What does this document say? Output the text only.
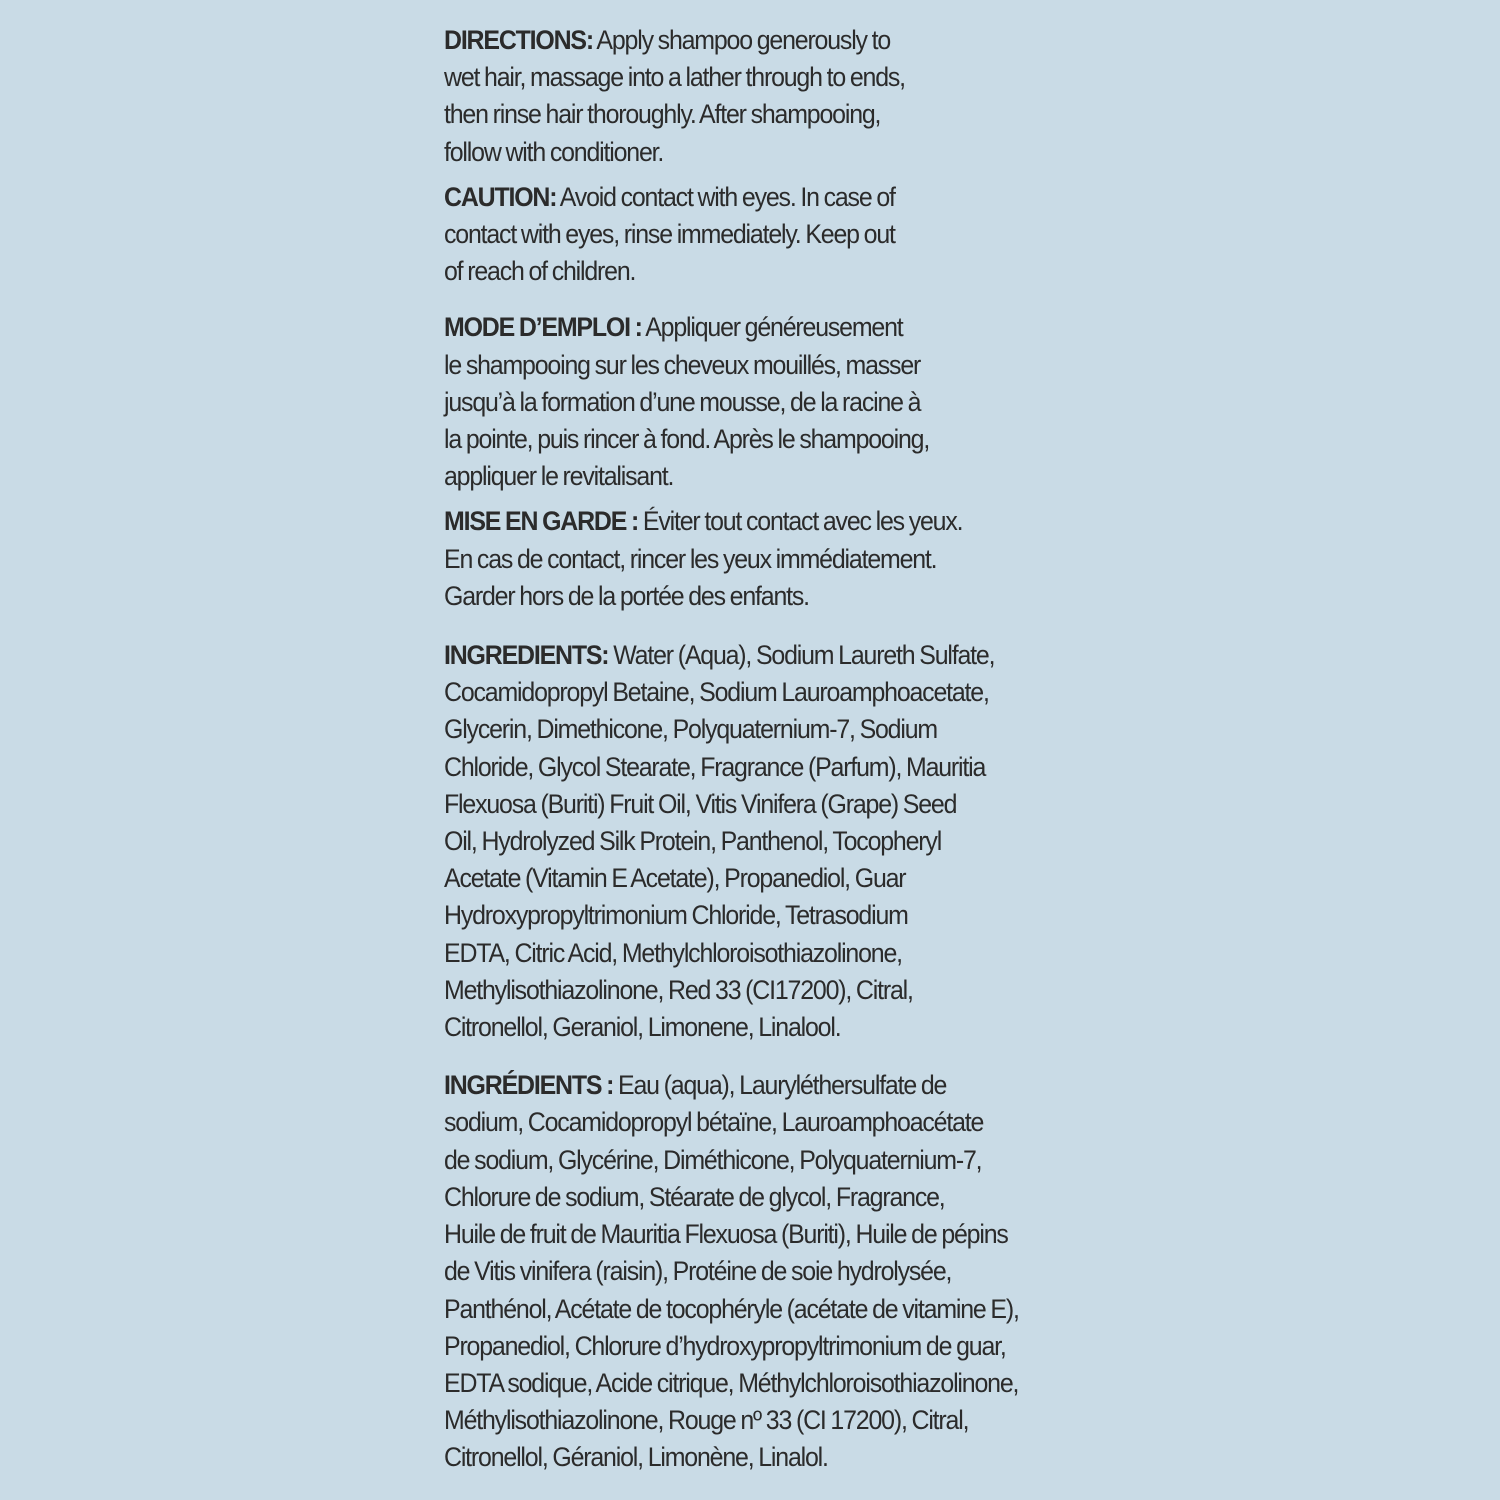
DIRECTIONS: Apply shampoo generously to
wet hair, massage into a lather through to ends,
then rinse hair thoroughly. After shampooing,
follow with conditioner.

CAUTION: Avoid contact with eyes. In case of
contact with eyes, rinse immediately. Keep out
of reach of children.

MODE D’EMPLOI : Appliquer généreusement
le shampooing sur les cheveux mouillés, masser
jusqu’à la formation d’une mousse, de la racine à
la pointe, puis rincer à fond. Après le shampooing,
appliquer le revitalisant.

MISE EN GARDE : Éviter tout contact avec les yeux.
En cas de contact, rincer les yeux immédiatement.
Garder hors de la portée des enfants.

INGREDIENTS: Water (Aqua), Sodium Laureth Sulfate,
Cocamidopropyl Betaine, Sodium Lauroamphoacetate,
Glycerin, Dimethicone, Polyquaternium-7, Sodium
Chloride, Glycol Stearate, Fragrance (Parfum), Mauritia
Flexuosa (Buriti) Fruit Oil, Vitis Vinifera (Grape) Seed
Oil, Hydrolyzed Silk Protein, Panthenol, Tocopheryl
Acetate (Vitamin E Acetate), Propanediol, Guar
Hydroxypropyltrimonium Chloride, Tetrasodium
EDTA, Citric Acid, Methylchloroisothiazolinone,
Methylisothiazolinone, Red 33 (CI17200), Citral,
Citronellol, Geraniol, Limonene, Linalool.

INGRÉDIENTS : Eau (aqua), Lauryléthersulfate de
sodium, Cocamidopropyl bétaïne, Lauroamphoacétate
de sodium, Glycérine, Diméthicone, Polyquaternium-7,
Chlorure de sodium, Stéarate de glycol, Fragrance,
Huile de fruit de Mauritia Flexuosa (Buriti), Huile de pépins
de Vitis vinifera (raisin), Protéine de soie hydrolysée,
Panthénol, Acétate de tocophéryle (acétate de vitamine E),
Propanediol, Chlorure d’hydroxypropyltrimonium de guar,
EDTA sodique, Acide citrique, Méthylchloroisothiazolinone,
Méthylisothiazolinone, Rouge nº 33 (CI 17200), Citral,
Citronellol, Géraniol, Limonène, Linalol.
